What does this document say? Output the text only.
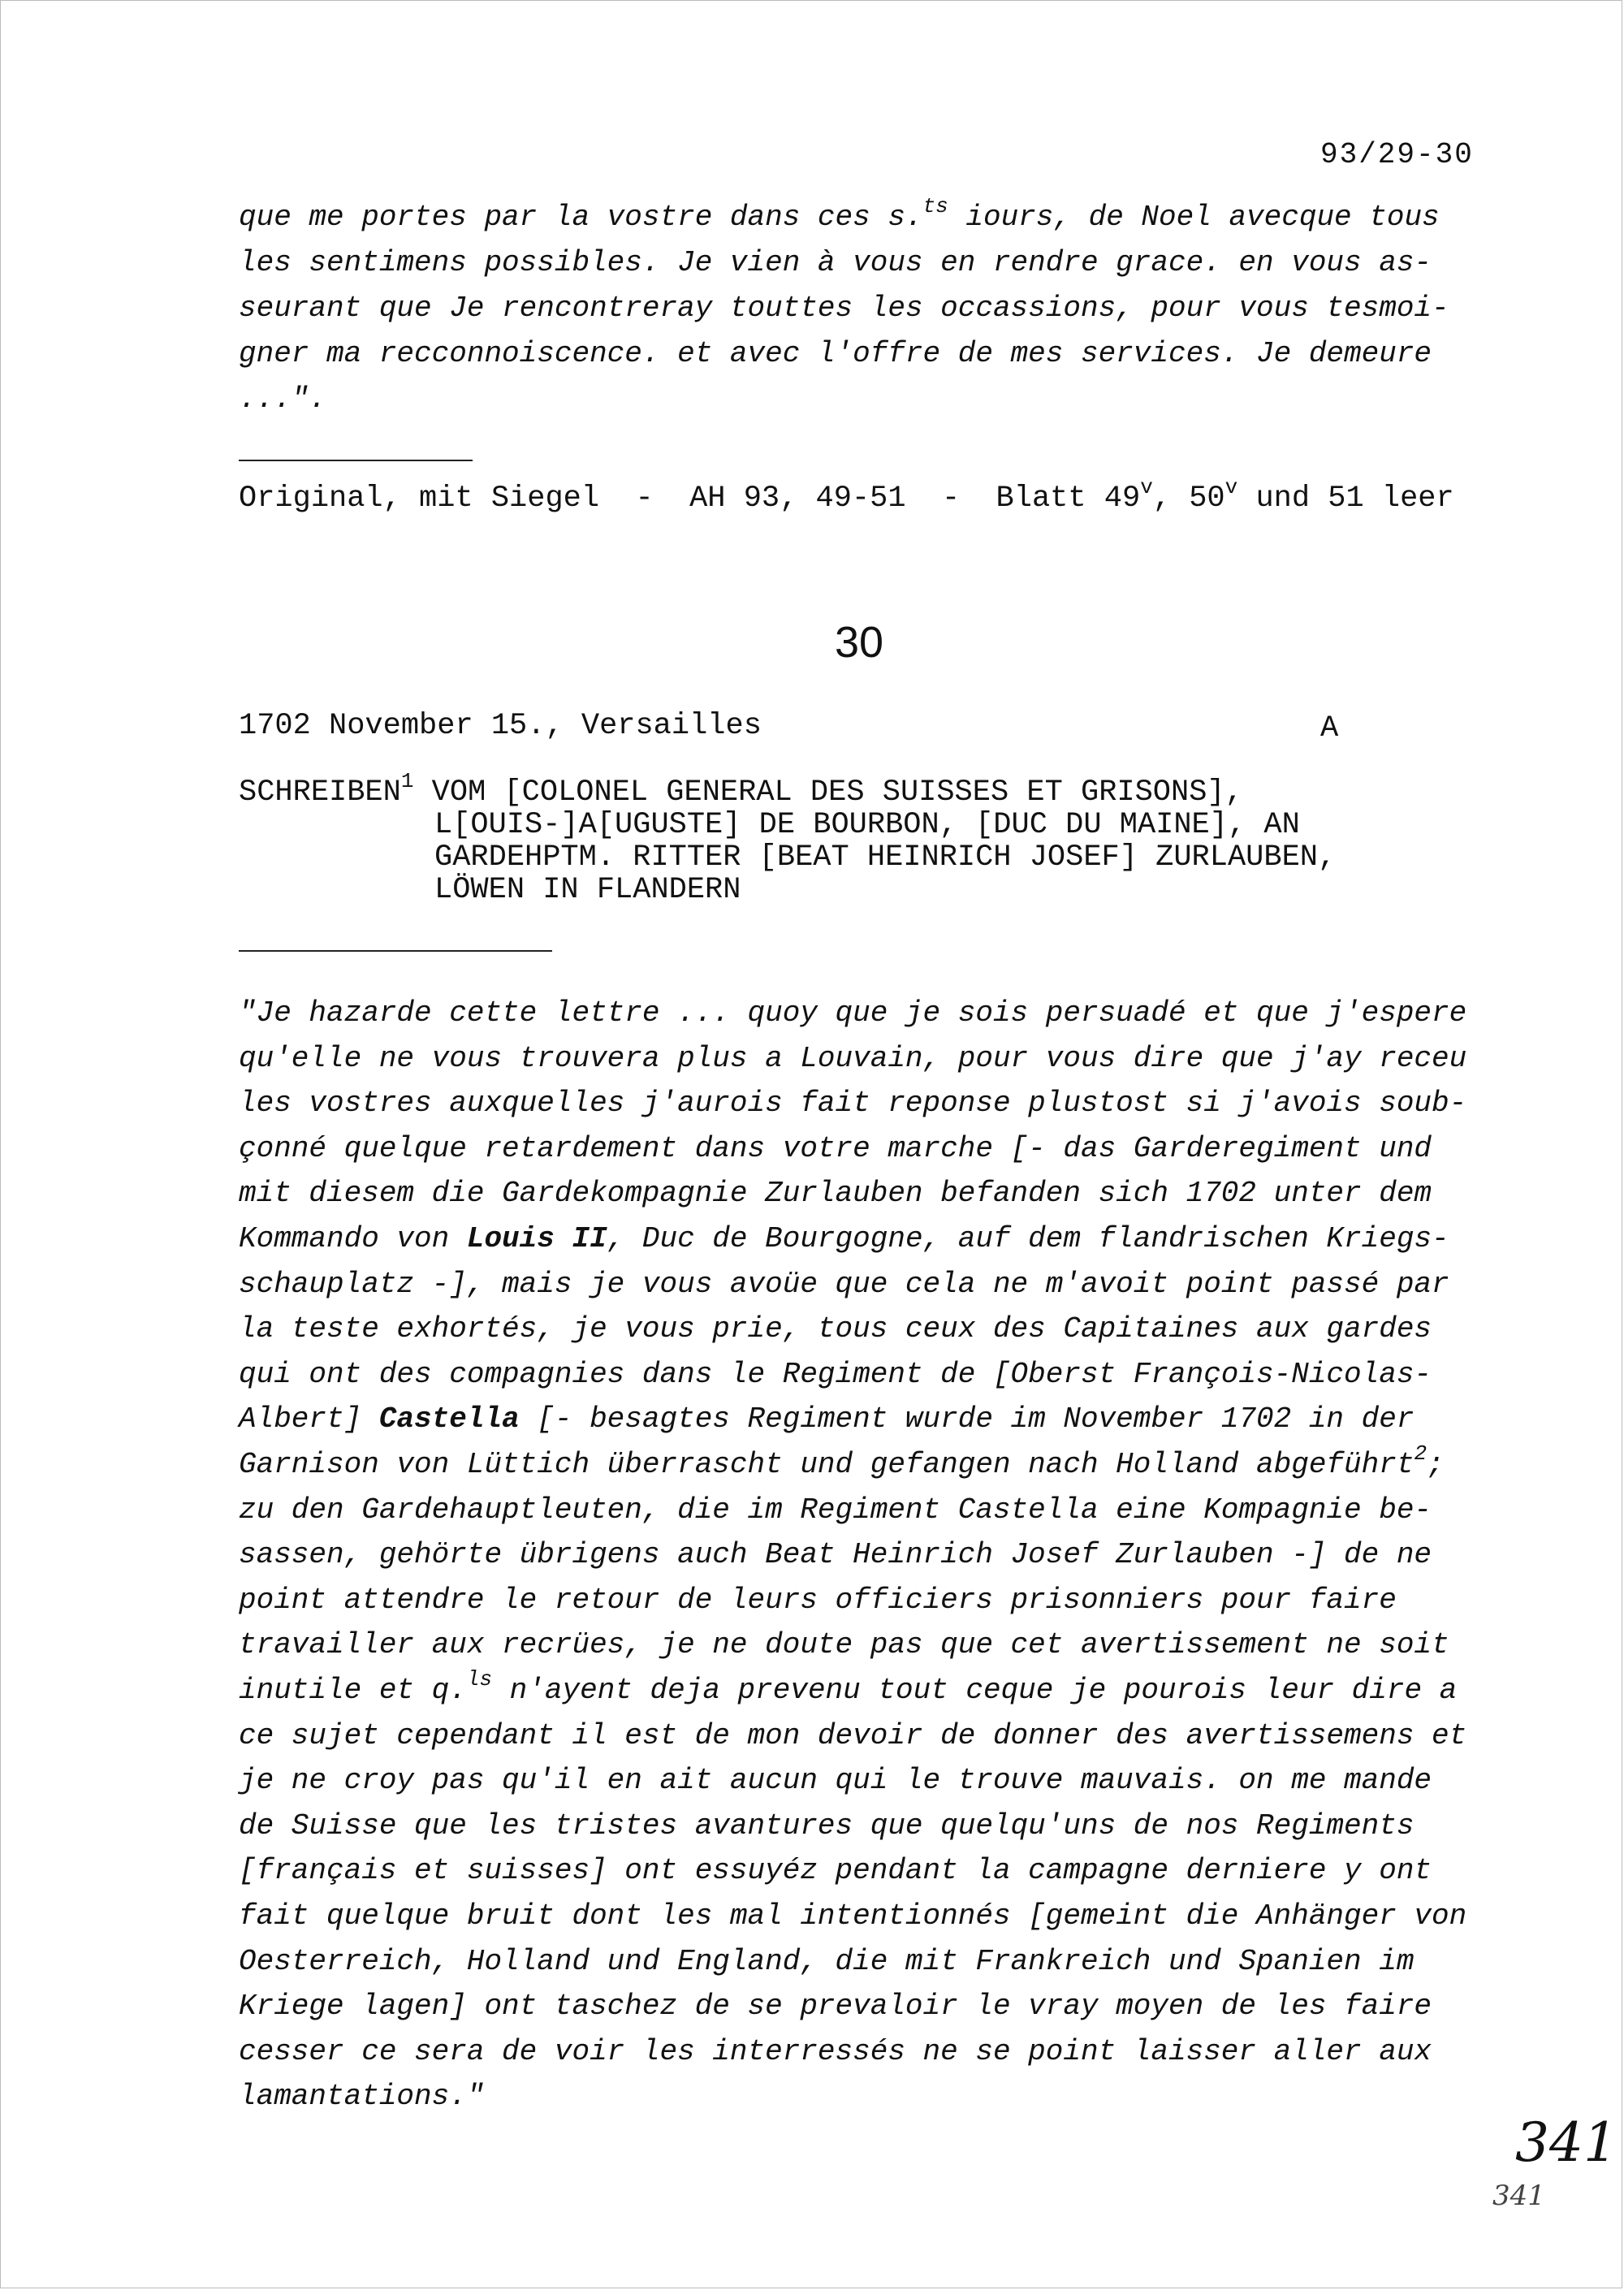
93/29-30
que me portes par la vostre dans ces s.$^{ts}$ iours, de Noel avecque tous
les sentimens possibles. Je vien à vous en rendre grace. en vous as-
seurant que Je rencontreray touttes les occassions, pour vous tesmoi-
gner ma recconnoiscence. et avec l'offre de mes services. Je demeure
...".
Original, mit Siegel  -  AH 93, 49-51  -  Blatt 49$^v$, 50$^v$ und 51 leer
30
1702 November 15., Versailles	A
SCHREIBEN$^1$ VOM [COLONEL GENERAL DES SUISSES ET GRISONS],
L[OUIS-]A[UGUSTE] DE BOURBON, [DUC DU MAINE], AN
GARDEHPTM. RITTER [BEAT HEINRICH JOSEF] ZURLAUBEN,
LÖWEN IN FLANDERN
"Je hazarde cette lettre ... quoy que je sois persuadé et que j'espere
qu'elle ne vous trouvera plus a Louvain, pour vous dire que j'ay receu
les vostres auxquelles j'aurois fait reponse plustost si j'avois soub-
çonné quelque retardement dans votre marche [- das Garderegiment und
mit diesem die Gardekompagnie Zurlauben befanden sich 1702 unter dem
Kommando von Louis II, Duc de Bourgogne, auf dem flandrischen Kriegs-
schauplatz -], mais je vous avoüe que cela ne m'avoit point passé par
la teste exhortés, je vous prie, tous ceux des Capitaines aux gardes
qui ont des compagnies dans le Regiment de [Oberst François-Nicolas-
Albert] Castella [- besagtes Regiment wurde im November 1702 in der
Garnison von Lüttich überrascht und gefangen nach Holland abgeführt$^2$;
zu den Gardehauptleuten, die im Regiment Castella eine Kompagnie be-
sassen, gehörte übrigens auch Beat Heinrich Josef Zurlauben -] de ne
point attendre le retour de leurs officiers prisonniers pour faire
travailler aux recrües, je ne doute pas que cet avertissement ne soit
inutile et q.$^{ls}$ n'ayent deja prevenu tout ceque je pourois leur dire a
ce sujet cependant il est de mon devoir de donner des avertissemens et
je ne croy pas qu'il en ait aucun qui le trouve mauvais. on me mande
de Suisse que les tristes avantures que quelqu'uns de nos Regiments
[français et suisses] ont essuyéz pendant la campagne derniere y ont
fait quelque bruit dont les mal intentionnés [gemeint die Anhänger von
Oesterreich, Holland und England, die mit Frankreich und Spanien im
Kriege lagen] ont taschez de se prevaloir le vray moyen de les faire
cesser ce sera de voir les interressés ne se point laisser aller aux
lamantations."
341
341
